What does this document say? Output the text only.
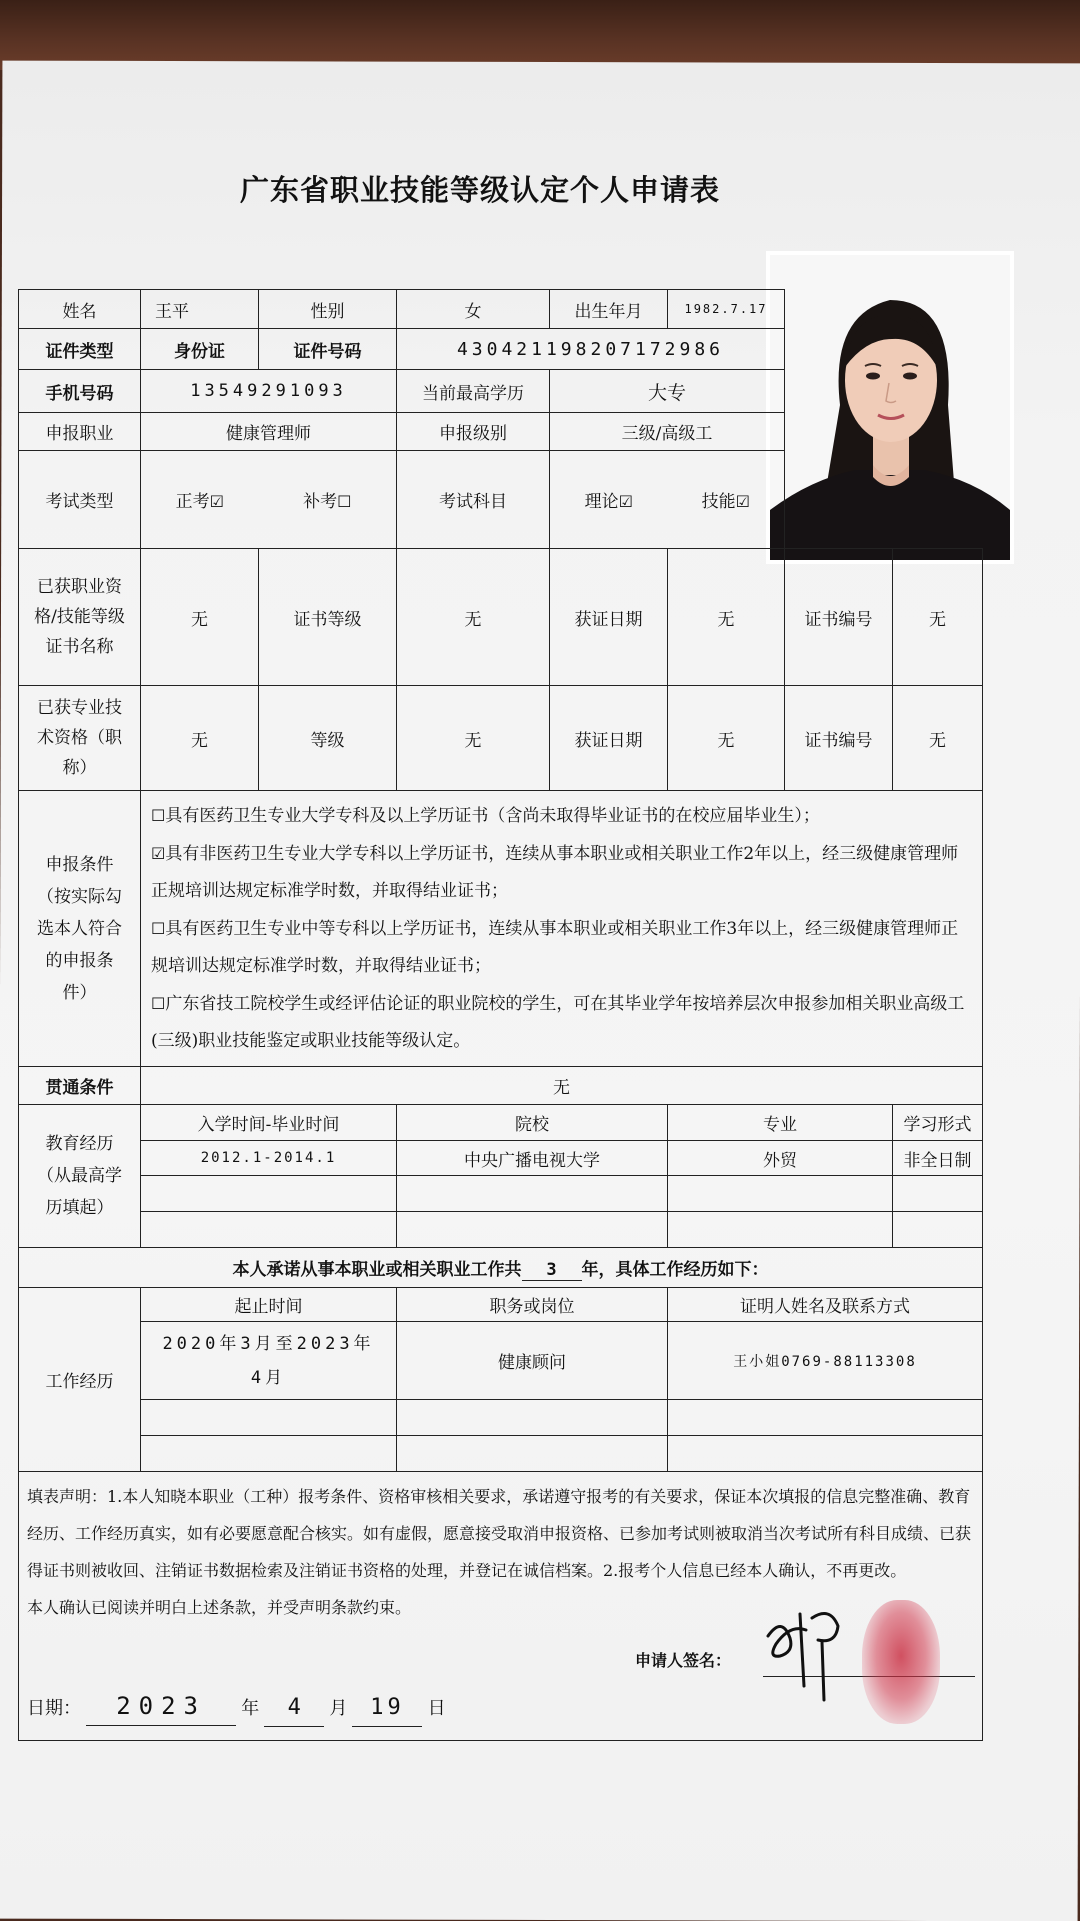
广东省职业技能等级认定个人申请表
姓名	王平	性别	女	出生年月	1982.7.17		
证件类型	身份证	证件号码	430421198207172986				
手机号码	13549291093		当前最高学历	大专			
申报职业	健康管理师		申报级别	三级/高级工			
考试类型	正考☑	补考☐	考试科目	理论☑	技能☑		
已获职业资格/技能等级证书名称	无	证书等级	无	获证日期	无	证书编号	无
已获专业技术资格（职称）	无	等级	无	获证日期	无	证书编号	无
申报条件（按实际勾选本人符合的申报条件）	☐具有医药卫生专业大学专科及以上学历证书（含尚未取得毕业证书的在校应届毕业生）；

☑具有非医药卫生专业大学专科以上学历证书，连续从事本职业或相关职业工作2年以上，经三级健康管理师正规培训达规定标准学时数，并取得结业证书；

☐具有医药卫生专业中等专科以上学历证书，连续从事本职业或相关职业工作3年以上，经三级健康管理师正规培训达规定标准学时数，并取得结业证书；

☐广东省技工院校学生或经评估论证的职业院校的学生，可在其毕业学年按培养层次申报参加相关职业高级工(三级)职业技能鉴定或职业技能等级认定。						

贯通条件	无						
教育经历（从最高学历填起）	入学时间-毕业时间		院校		专业		学习形式
	2012.1-2014.1		中央广播电视大学		外贸		非全日制

本人承诺从事本职业或相关职业工作共 3 年，具体工作经历如下：							
工作经历	起止时间		职务或岗位		证明人姓名及联系方式		
	2020年3月至2023年4月		健康顾问		王小姐0769-88113308		

填表声明：1.本人知晓本职业（工种）报考条件、资格审核相关要求，承诺遵守报考的有关要求，保证本次填报的信息完整准确、教育经历、工作经历真实，如有必要愿意配合核实。如有虚假，愿意接受取消申报资格、已参加考试则被取消当次考试所有科目成绩、已获得证书则被收回、注销证书数据检索及注销证书资格的处理，并登记在诚信档案。2.报考个人信息已经本人确认，不再更改。

本人确认已阅读并明白上述条款，并受声明条款约束。

申请人签名：
日期： 2023 年 4 月 19 日							
